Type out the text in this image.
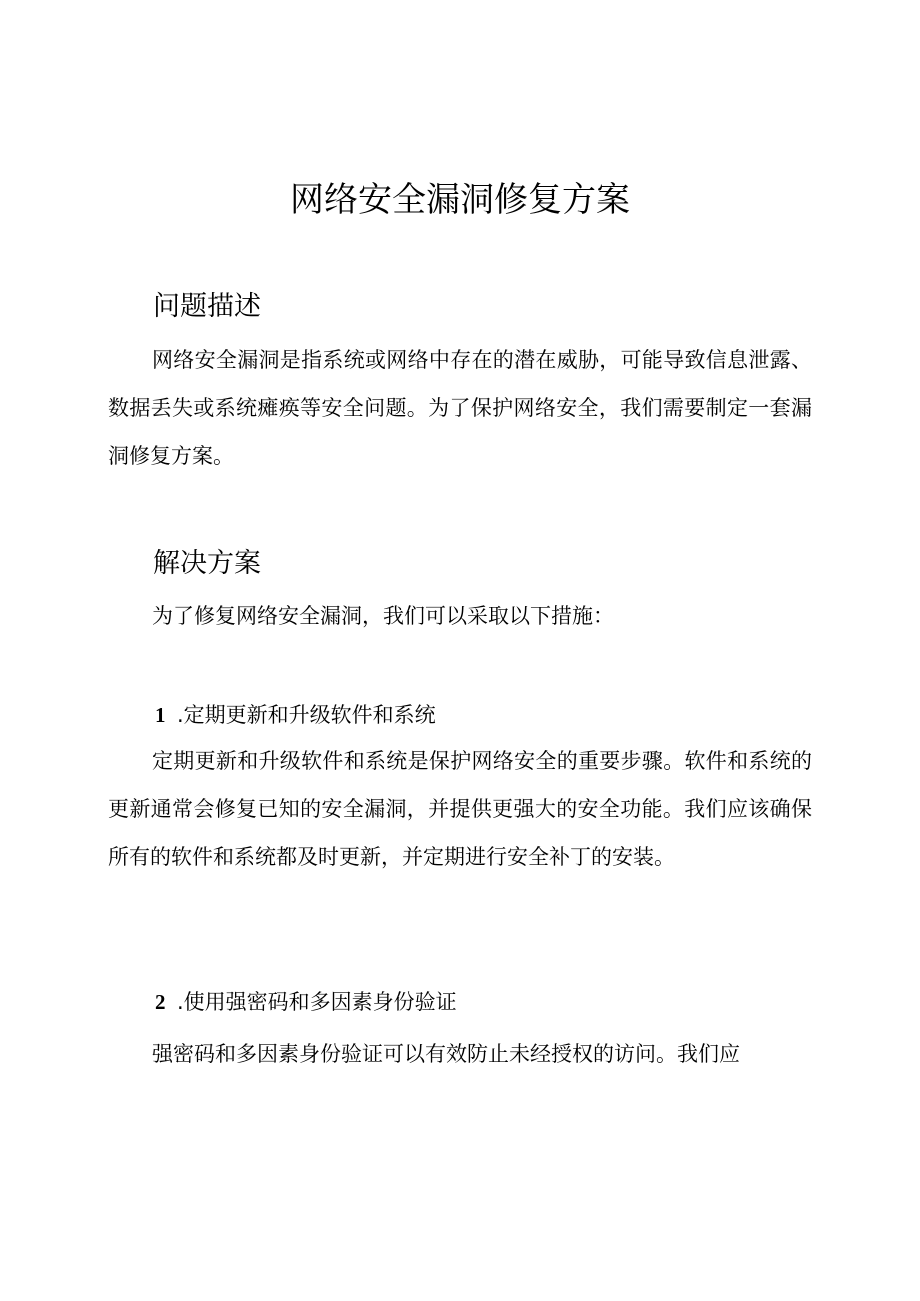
网络安全漏洞修复方案
问题描述

网络安全漏洞是指系统或网络中存在的潜在威胁，可能导致信息泄露、数据丢失或系统瘫痪等安全问题。为了保护网络安全，我们需要制定一套漏洞修复方案。

解决方案

为了修复网络安全漏洞，我们可以采取以下措施：

1 .定期更新和升级软件和系统

定期更新和升级软件和系统是保护网络安全的重要步骤。软件和系统的更新通常会修复已知的安全漏洞，并提供更强大的安全功能。我们应该确保所有的软件和系统都及时更新，并定期进行安全补丁的安装。

2 .使用强密码和多因素身份验证

强密码和多因素身份验证可以有效防止未经授权的访问。我们应
